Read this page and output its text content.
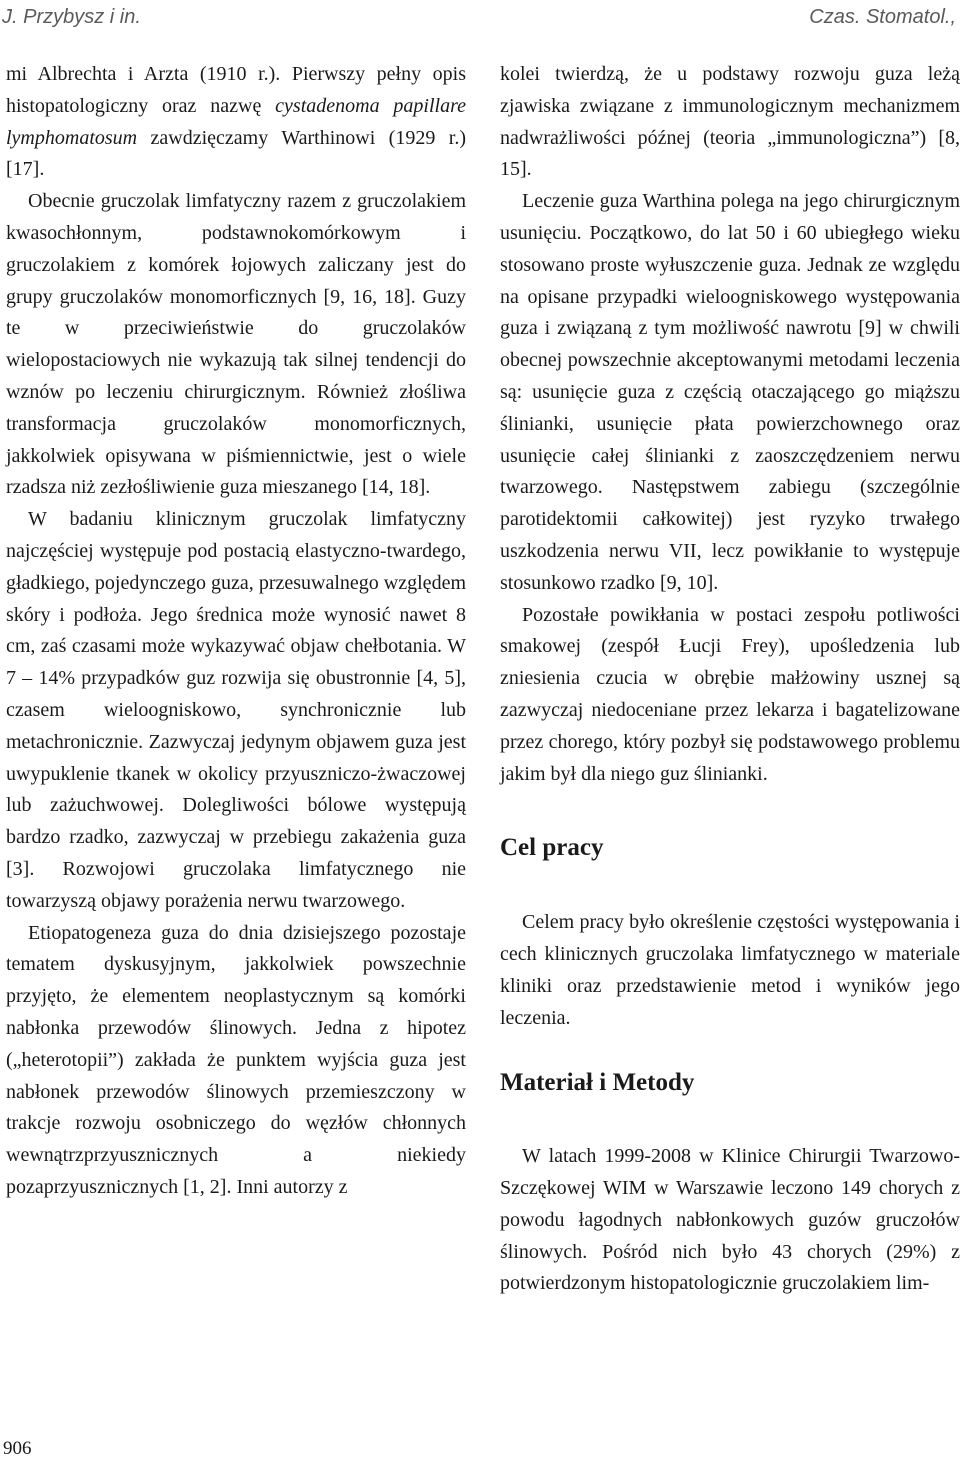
J. Przybysz i in.	Czas. Stomatol.,

mi Albrechta i Arzta (1910 r.). Pierwszy pełny opis histopatologiczny oraz nazwę cystadenoma papillare lymphomatosum zawdzięczamy Warthinowi (1929 r.) [17].

Obecnie gruczolak limfatyczny razem z gruczolakiem kwasochłonnym, podstawnokomórkowym i gruczolakiem z komórek łojowych zaliczany jest do grupy gruczolaków monomorficznych [9, 16, 18]. Guzy te w przeciwieństwie do gruczolaków wielopostaciowych nie wykazują tak silnej tendencji do wznów po leczeniu chirurgicznym. Również złośliwa transformacja gruczolaków monomorficznych, jakkolwiek opisywana w piśmiennictwie, jest o wiele rzadsza niż zezłośliwienie guza mieszanego [14, 18].

W badaniu klinicznym gruczolak limfatyczny najczęściej występuje pod postacią elastyczno-twardego, gładkiego, pojedynczego guza, przesuwalnego względem skóry i podłoża. Jego średnica może wynosić nawet 8 cm, zaś czasami może wykazywać objaw chełbotania. W 7 – 14% przypadków guz rozwija się obustronnie [4, 5], czasem wieloogniskowo, synchronicznie lub metachronicznie. Zazwyczaj jedynym objawem guza jest uwypuklenie tkanek w okolicy przyuszniczo-żwaczowej lub zażuchwowej. Dolegliwości bólowe występują bardzo rzadko, zazwyczaj w przebiegu zakażenia guza [3]. Rozwojowi gruczolaka limfatycznego nie towarzyszą objawy porażenia nerwu twarzowego.

Etiopatogeneza guza do dnia dzisiejszego pozostaje tematem dyskusyjnym, jakkolwiek powszechnie przyjęto, że elementem neoplastycznym są komórki nabłonka przewodów ślinowych. Jedna z hipotez („heterotopii”) zakłada że punktem wyjścia guza jest nabłonek przewodów ślinowych przemieszczony w trakcje rozwoju osobniczego do węzłów chłonnych wewnątrzprzyusznicznych a niekiedy pozaprzyusznicznych [1, 2]. Inni autorzy z

kolei twierdzą, że u podstawy rozwoju guza leżą zjawiska związane z immunologicznym mechanizmem nadwrażliwości późnej (teoria „immunologiczna”) [8, 15].

Leczenie guza Warthina polega na jego chirurgicznym usunięciu. Początkowo, do lat 50 i 60 ubiegłego wieku stosowano proste wyłuszczenie guza. Jednak ze względu na opisane przypadki wieloogniskowego występowania guza i związaną z tym możliwość nawrotu [9] w chwili obecnej powszechnie akceptowanymi metodami leczenia są: usunięcie guza z częścią otaczającego go miąższu ślinianki, usunięcie płata powierzchownego oraz usunięcie całej ślinianki z zaoszczędzeniem nerwu twarzowego. Następstwem zabiegu (szczególnie parotidektomii całkowitej) jest ryzyko trwałego uszkodzenia nerwu VII, lecz powikłanie to występuje stosunkowo rzadko [9, 10].

Pozostałe powikłania w postaci zespołu potliwości smakowej (zespół Łucji Frey), upośledzenia lub zniesienia czucia w obrębie małżowiny usznej są zazwyczaj niedoceniane przez lekarza i bagatelizowane przez chorego, który pozbył się podstawowego problemu jakim był dla niego guz ślinianki.

Cel pracy

Celem pracy było określenie częstości występowania i cech klinicznych gruczolaka limfatycznego w materiale kliniki oraz przedstawienie metod i wyników jego leczenia.

Materiał i Metody

W latach 1999-2008 w Klinice Chirurgii Twarzowo-Szczękowej WIM w Warszawie leczono 149 chorych z powodu łagodnych nabłonkowych guzów gruczołów ślinowych. Pośród nich było 43 chorych (29%) z potwierdzonym histopatologicznie gruczolakiem lim-

906
